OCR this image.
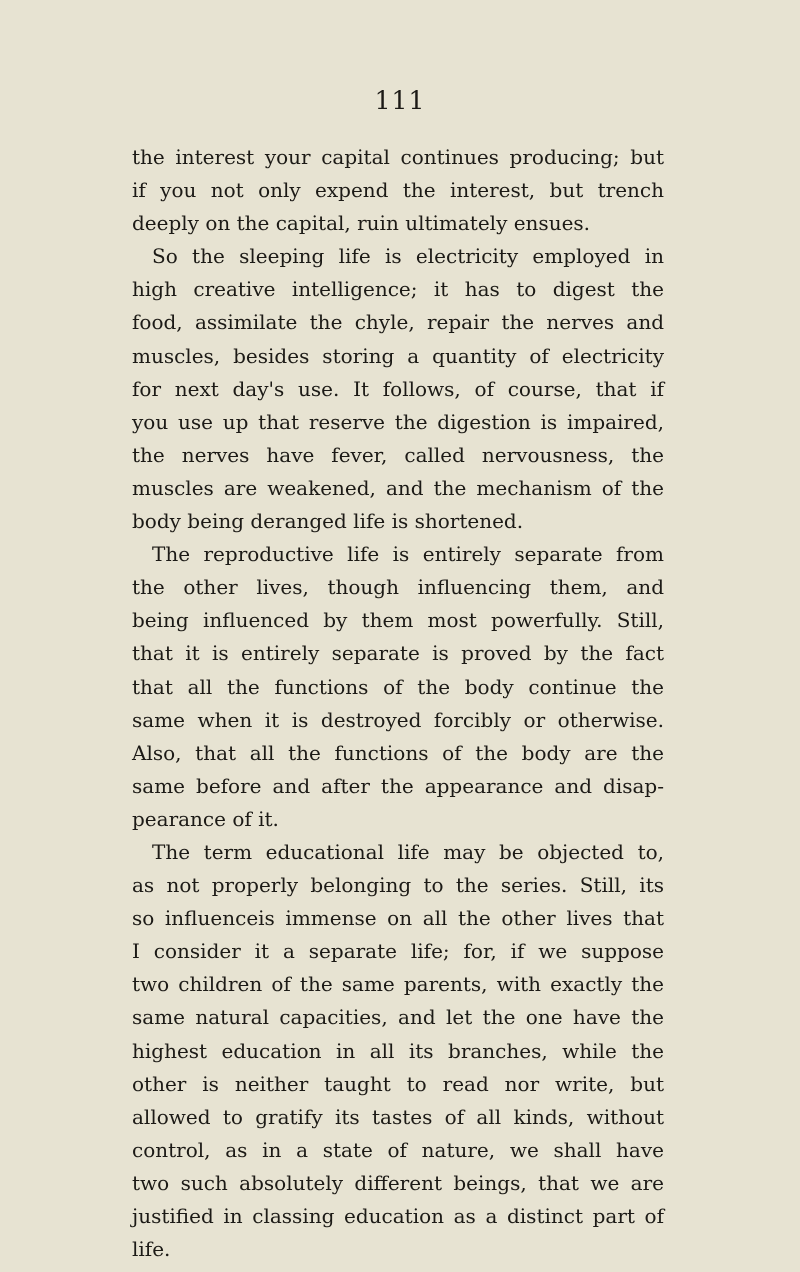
111
the interest your capital continues producing; but
if you not only expend the interest, but trench
deeply on the capital, ruin ultimately ensues.
So the sleeping life is electricity employed in
high creative intelligence; it has to digest the
food, assimilate the chyle, repair the nerves and
muscles, besides storing a quantity of electricity
for next day's use. It follows, of course, that if
you use up that reserve the digestion is impaired,
the nerves have fever, called nervousness, the
muscles are weakened, and the mechanism of the
body being deranged life is shortened.
The reproductive life is entirely separate from
the other lives, though influencing them, and
being influenced by them most powerfully. Still,
that it is entirely separate is proved by the fact
that all the functions of the body continue the
same when it is destroyed forcibly or otherwise.
Also, that all the functions of the body are the
same before and after the appearance and disap-
pearance of it.
The term educational life may be objected to,
as not properly belonging to the series. Still, its
so influenceis immense on all the other lives that
I consider it a separate life; for, if we suppose
two children of the same parents, with exactly the
same natural capacities, and let the one have the
highest education in all its branches, while the
other is neither taught to read nor write, but
allowed to gratify its tastes of all kinds, without
control, as in a state of nature, we shall have
two such absolutely different beings, that we are
justified in classing education as a distinct part of
life.
